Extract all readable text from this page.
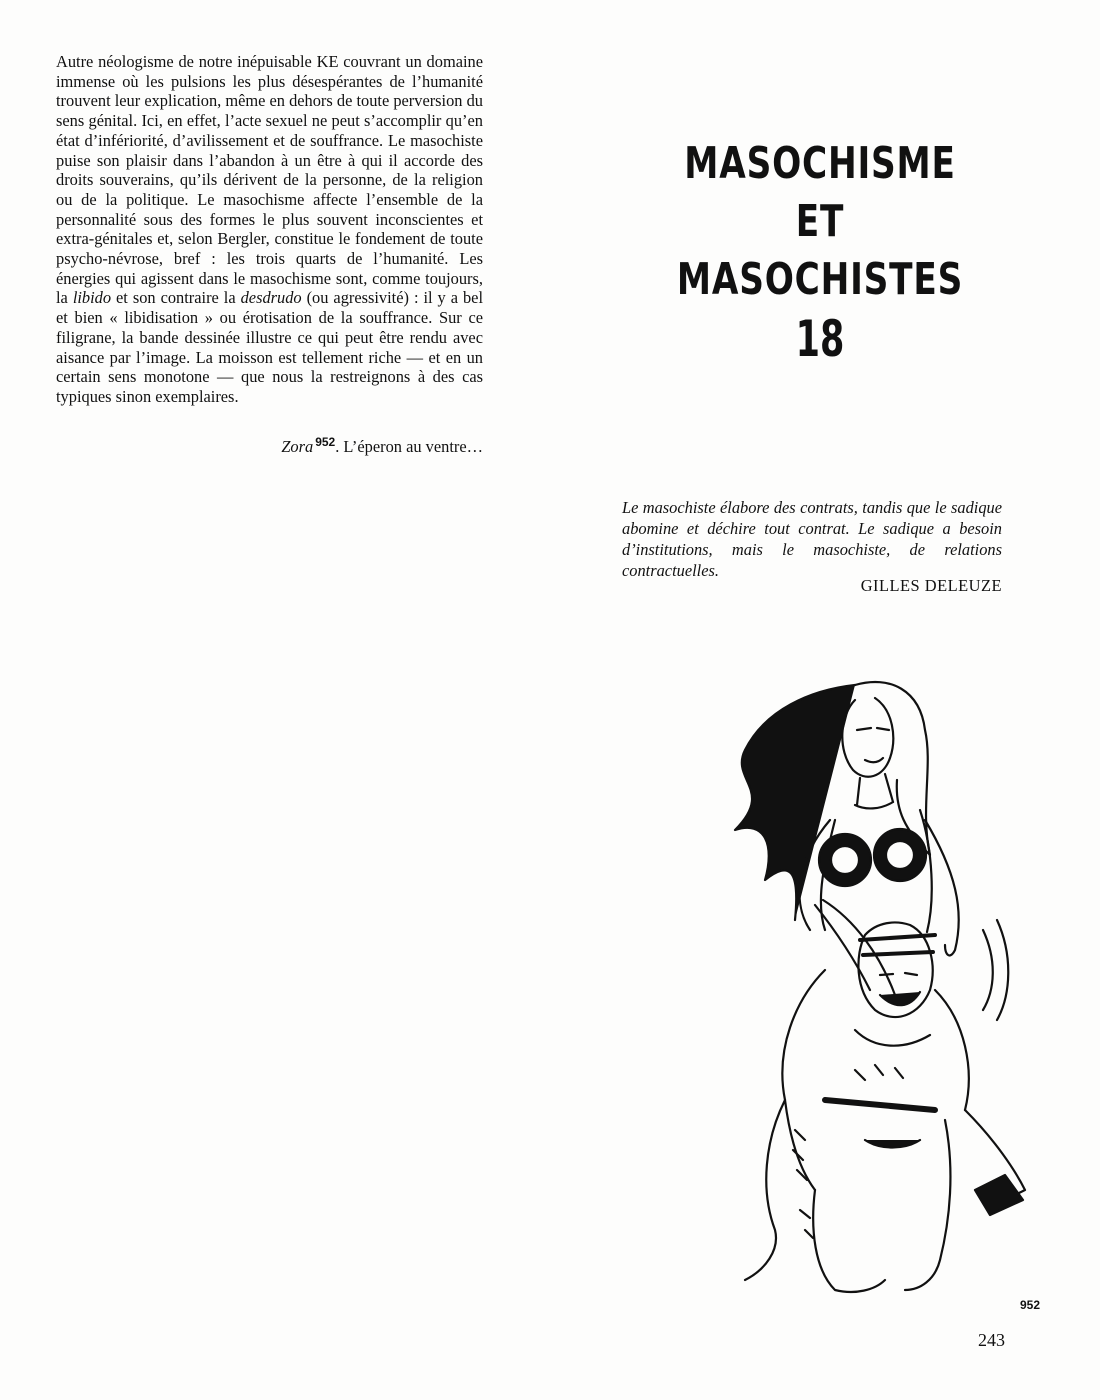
Autre néologisme de notre inépuisable KE couvrant un domaine immense où les pulsions les plus désespérantes de l’humanité trouvent leur explication, même en dehors de toute perversion du sens génital. Ici, en effet, l’acte sexuel ne peut s’accomplir qu’en état d’infériorité, d’avilissement et de souffrance. Le masochiste puise son plaisir dans l’abandon à un être à qui il accorde des droits souverains, qu’ils dérivent de la personne, de la religion ou de la politique. Le masochisme affecte l’ensemble de la personnalité sous des formes le plus souvent inconscientes et extra-génitales et, selon Bergler, constitue le fondement de toute psycho-névrose, bref : les trois quarts de l’humanité. Les énergies qui agissent dans le masochisme sont, comme toujours, la libido et son contraire la desdrudo (ou agressivité) : il y a bel et bien « libidisation » ou érotisation de la souffrance. Sur ce filigrane, la bande dessinée illustre ce qui peut être rendu avec aisance par l’image. La moisson est tellement riche — et en un certain sens monotone — que nous la restreignons à des cas typiques sinon exemplaires.

Zora $^{952}$. L’éperon au ventre…
MASOCHISME
ET MASOCHISTES
18
Le masochiste élabore des contrats, tandis que le sadique abomine et déchire tout contrat. Le sadique a besoin d’institutions, mais le masochiste, de relations contractuelles.
GILLES DELEUZE
952
243
